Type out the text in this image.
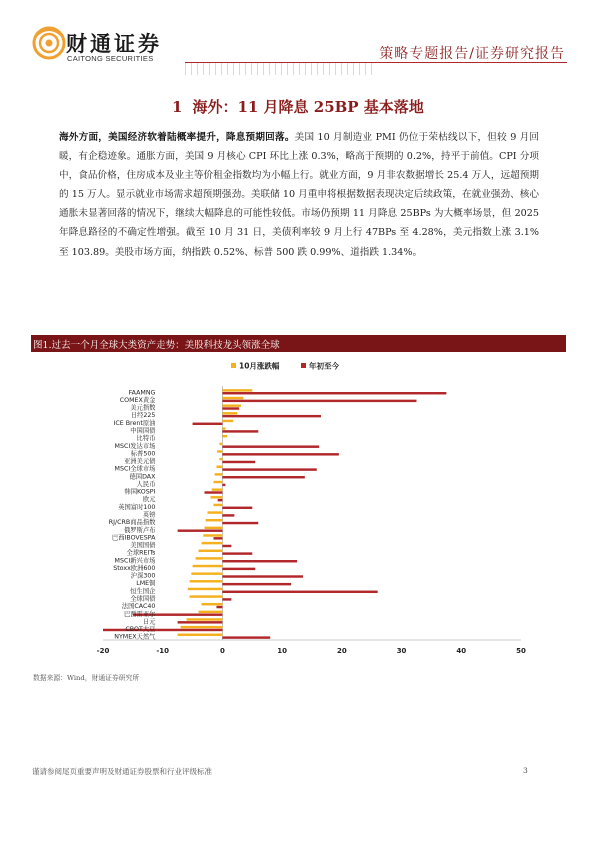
财通证券
CAITONG SECURITIES	策略专题报告/证券研究报告
1 海外：11 月降息 25BP 基本落地
海外方面，美国经济软着陆概率提升，降息预期回落。美国 10 月制造业 PMI 仍位于荣枯线以下，但较 9 月回暖，有企稳迹象。通胀方面，美国 9 月核心 CPI 环比上涨 0.3%，略高于预期的 0.2%，持平于前值。CPI 分项中，食品价格，住房成本及业主等价租金指数均为小幅上行。就业方面，9 月非农数据增长 25.4 万人，远超预期的 15 万人。显示就业市场需求超预期强劲。美联储 10 月重申将根据数据表现决定后续政策，在就业强劲、核心通胀未显著回落的情况下，继续大幅降息的可能性较低。市场仍预期 11 月降息 25BPs 为大概率场景，但 2025 年降息路径的不确定性增强。截至 10 月 31 日，美债利率较 9 月上行 47BPs 至 4.28%，美元指数上涨 3.1%至 103.89。美股市场方面，纳指跌 0.52%、标普 500 跌 0.99%、道指跌 1.34%。
图1.过去一个月全球大类资产走势：美股科技龙头领涨全球
10月涨跌幅	年初至今
FAAMNG
COMEX黄金
美元指数
日经225
ICE Brent原油
中国国债
比特币
MSCI发达市场
标普500
亚洲美元债
MSCI全球市场
德国DAX
人民币
韩国KOSPI
欧元
英国富时100
英镑
RJ/CRB商品指数
俄罗斯卢布
巴西IBOVESPA
美国国债
全球REITs
MSCI新兴市场
Stoxx欧洲600
沪深300
LME铜
恒生国企
全球国债
法国CAC40
巴西雷亚尔
日元
CBOT大豆
NYMEX天然气
-20	-10	0	10	20	30	40	50
数据来源：Wind，财通证券研究所
谨请参阅尾页重要声明及财通证券股票和行业评级标准	3
